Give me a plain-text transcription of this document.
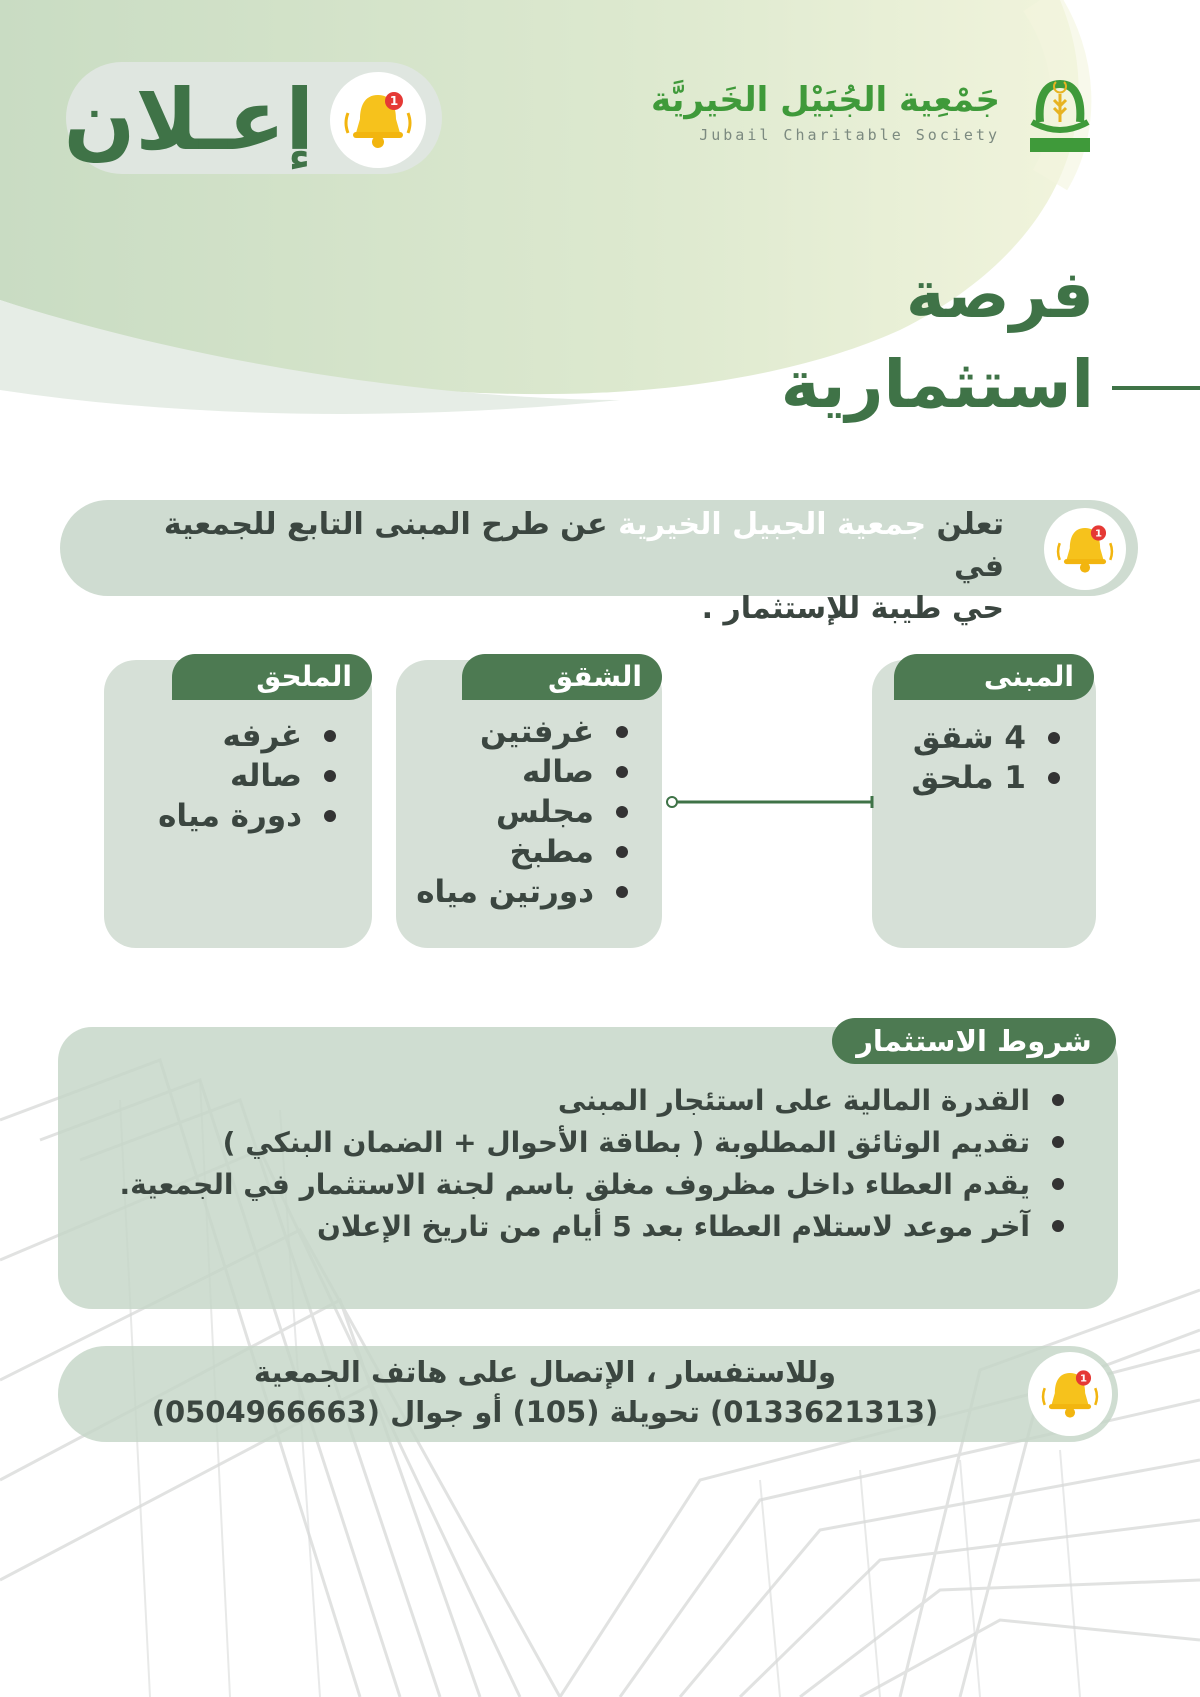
إعـلان	1	جَمْعِية الجُبَيْل الخَيريَّة
Jubail Charitable Society
فرصة
استثمارية
1
تعلن جمعية الجبيل الخيرية عن طرح المبنى التابع للجمعية في
حي طيبة للإستثمار .
المبنى
4 شقق
1 ملحق
الشقق
غرفتين
صاله
مجلس
مطبخ
دورتين مياه
الملحق
غرفه
صاله
دورة مياه
شروط الاستثمار
القدرة المالية على استئجار المبنى
تقديم الوثائق المطلوبة ( بطاقة الأحوال + الضمان البنكي )
يقدم العطاء داخل مظروف مغلق باسم لجنة الاستثمار في الجمعية.
آخر موعد لاستلام العطاء بعد 5 أيام من تاريخ الإعلان
1
وللاستفسار ، الإتصال على هاتف الجمعية
(0133621313) تحويلة (105) أو جوال (0504966663)
